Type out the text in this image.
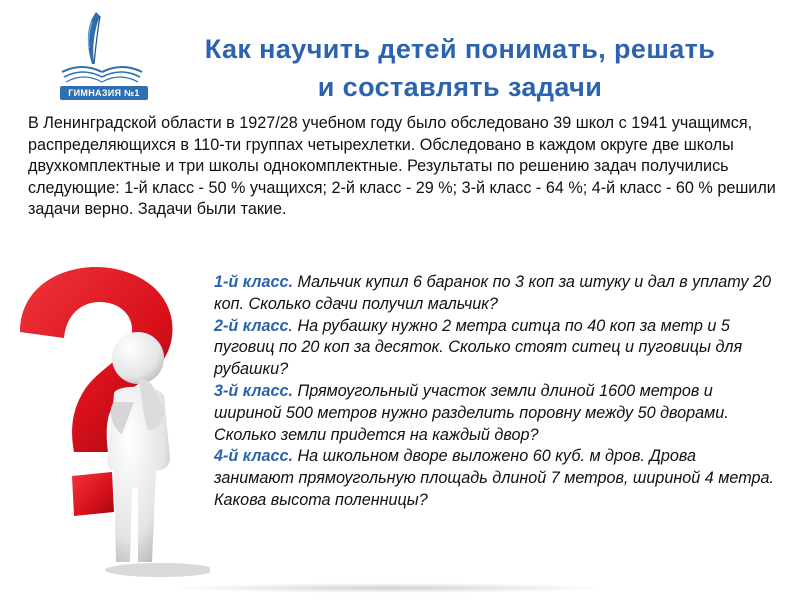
ГИМНАЗИЯ №1
Как научить детей понимать, решать
и составлять задачи
В Ленинградской области в 1927/28 учебном году было обследовано 39 школ с 1941 учащимся, распределяющихся в 110-ти группах четырехлетки. Обследовано в каждом округе две школы двухкомплектные и три школы однокомплектные. Результаты по решению задач получились следующие: 1-й класс - 50 % учащихся; 2-й класс - 29 %; 3-й класс - 64 %; 4-й класс - 60 % решили задачи верно. Задачи были такие.
1-й класс. Мальчик купил 6 баранок по 3 коп за штуку и дал в уплату 20 коп. Сколько сдачи получил мальчик?
2-й класс. На рубашку нужно 2 метра ситца по 40 коп за метр и 5 пуговиц по 20 коп за десяток. Сколько стоят ситец и пуговицы для рубашки?
3-й класс. Прямоугольный участок земли длиной 1600 метров и шириной 500 метров нужно разделить поровну между 50 дворами. Сколько земли придется на каждый двор?
4-й класс. На школьном дворе выложено 60 куб. м дров. Дрова занимают прямоугольную площадь длиной 7 метров, шириной 4 метра. Какова высота поленницы?
